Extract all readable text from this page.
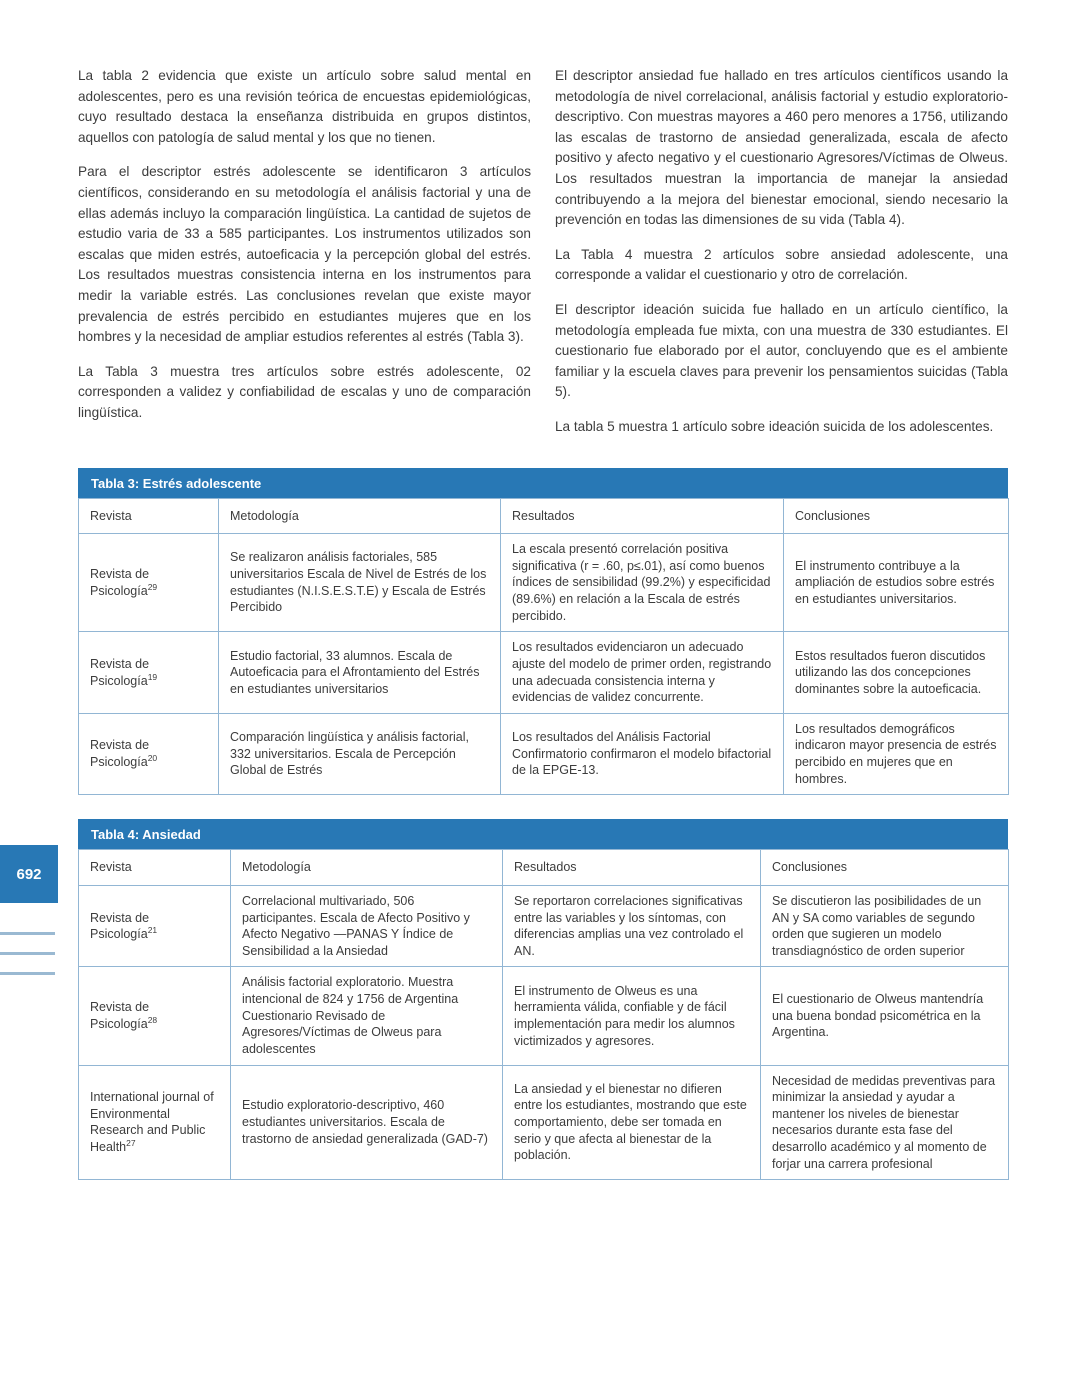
692

La tabla 2 evidencia que existe un artículo sobre salud mental en adolescentes, pero es una revisión teórica de encuestas epidemiológicas, cuyo resultado destaca la enseñanza distribuida en grupos distintos, aquellos con patología de salud mental y los que no tienen.

Para el descriptor estrés adolescente se identificaron 3 artículos científicos, considerando en su metodología el análisis factorial y una de ellas además incluyo la comparación lingüística. La cantidad de sujetos de estudio varia de 33 a 585 participantes. Los instrumentos utilizados son escalas que miden estrés, autoeficacia y la percepción global del estrés. Los resultados muestras consistencia interna en los instrumentos para medir la variable estrés. Las conclusiones revelan que existe mayor prevalencia de estrés percibido en estudiantes mujeres que en los hombres y la necesidad de ampliar estudios referentes al estrés (Tabla 3).

La Tabla 3 muestra tres artículos sobre estrés adolescente, 02 corresponden a validez y confiabilidad de escalas y uno de comparación lingüística.

El descriptor ansiedad fue hallado en tres artículos científicos usando la metodología de nivel correlacional, análisis factorial y estudio exploratorio-descriptivo. Con muestras mayores a 460 pero menores a 1756, utilizando las escalas de trastorno de ansiedad generalizada, escala de afecto positivo y afecto negativo y el cuestionario Agresores/Víctimas de Olweus. Los resultados muestran la importancia de manejar la ansiedad contribuyendo a la mejora del bienestar emocional, siendo necesario la prevención en todas las dimensiones de su vida (Tabla 4).

La Tabla 4 muestra 2 artículos sobre ansiedad adolescente, una corresponde a validar el cuestionario y otro de correlación.

El descriptor ideación suicida fue hallado en un artículo científico, la metodología empleada fue mixta, con una muestra de 330 estudiantes. El cuestionario fue elaborado por el autor, concluyendo que es el ambiente familiar y la escuela claves para prevenir los pensamientos suicidas (Tabla 5).

La tabla 5 muestra 1 artículo sobre ideación suicida de los adolescentes.

Tabla 3: Estrés adolescente
Revista	Metodología	Resultados	Conclusiones
Revista de Psicología$^{29}$	Se realizaron análisis factoriales, 585 universitarios Escala de Nivel de Estrés de los estudiantes (N.I.S.E.S.T.E) y Escala de Estrés Percibido	La escala presentó correlación positiva significativa (r = .60, p≤.01), así como buenos índices de sensibilidad (99.2%) y especificidad (89.6%) en relación a la Escala de estrés percibido.	El instrumento contribuye a la ampliación de estudios sobre estrés en estudiantes universitarios.
Revista de Psicología$^{19}$	Estudio factorial, 33 alumnos. Escala de Autoeficacia para el Afrontamiento del Estrés en estudiantes universitarios	Los resultados evidenciaron un adecuado ajuste del modelo de primer orden, registrando una adecuada consistencia interna y evidencias de validez concurrente.	Estos resultados fueron discutidos utilizando las dos concepciones dominantes sobre la autoeficacia.
Revista de Psicología$^{20}$	Comparación lingüística y análisis factorial, 332 universitarios. Escala de Percepción Global de Estrés	Los resultados del Análisis Factorial Confirmatorio confirmaron el modelo bifactorial de la EPGE-13.	Los resultados demográficos indicaron mayor presencia de estrés percibido en mujeres que en hombres.
Tabla 4: Ansiedad
Revista	Metodología	Resultados	Conclusiones
Revista de Psicología$^{21}$	Correlacional multivariado, 506 participantes. Escala de Afecto Positivo y Afecto Negativo —PANAS Y Índice de Sensibilidad a la Ansiedad	Se reportaron correlaciones significativas entre las variables y los síntomas, con diferencias amplias una vez controlado el AN.	Se discutieron las posibilidades de un AN y SA como variables de segundo orden que sugieren un modelo transdiagnóstico de orden superior
Revista de Psicología$^{28}$	Análisis factorial exploratorio. Muestra intencional de 824 y 1756 de Argentina Cuestionario Revisado de Agresores/Víctimas de Olweus para adolescentes	El instrumento de Olweus es una herramienta válida, confiable y de fácil implementación para medir los alumnos victimizados y agresores.	El cuestionario de Olweus mantendría una buena bondad psicométrica en la Argentina.
International journal of Environmental Research and Public Health$^{27}$	Estudio exploratorio-descriptivo, 460 estudiantes universitarios. Escala de trastorno de ansiedad generalizada (GAD-7)	La ansiedad y el bienestar no difieren entre los estudiantes, mostrando que este comportamiento, debe ser tomada en serio y que afecta al bienestar de la población.	Necesidad de medidas preventivas para minimizar la ansiedad y ayudar a mantener los niveles de bienestar necesarios durante esta fase del desarrollo académico y al momento de forjar una carrera profesional
